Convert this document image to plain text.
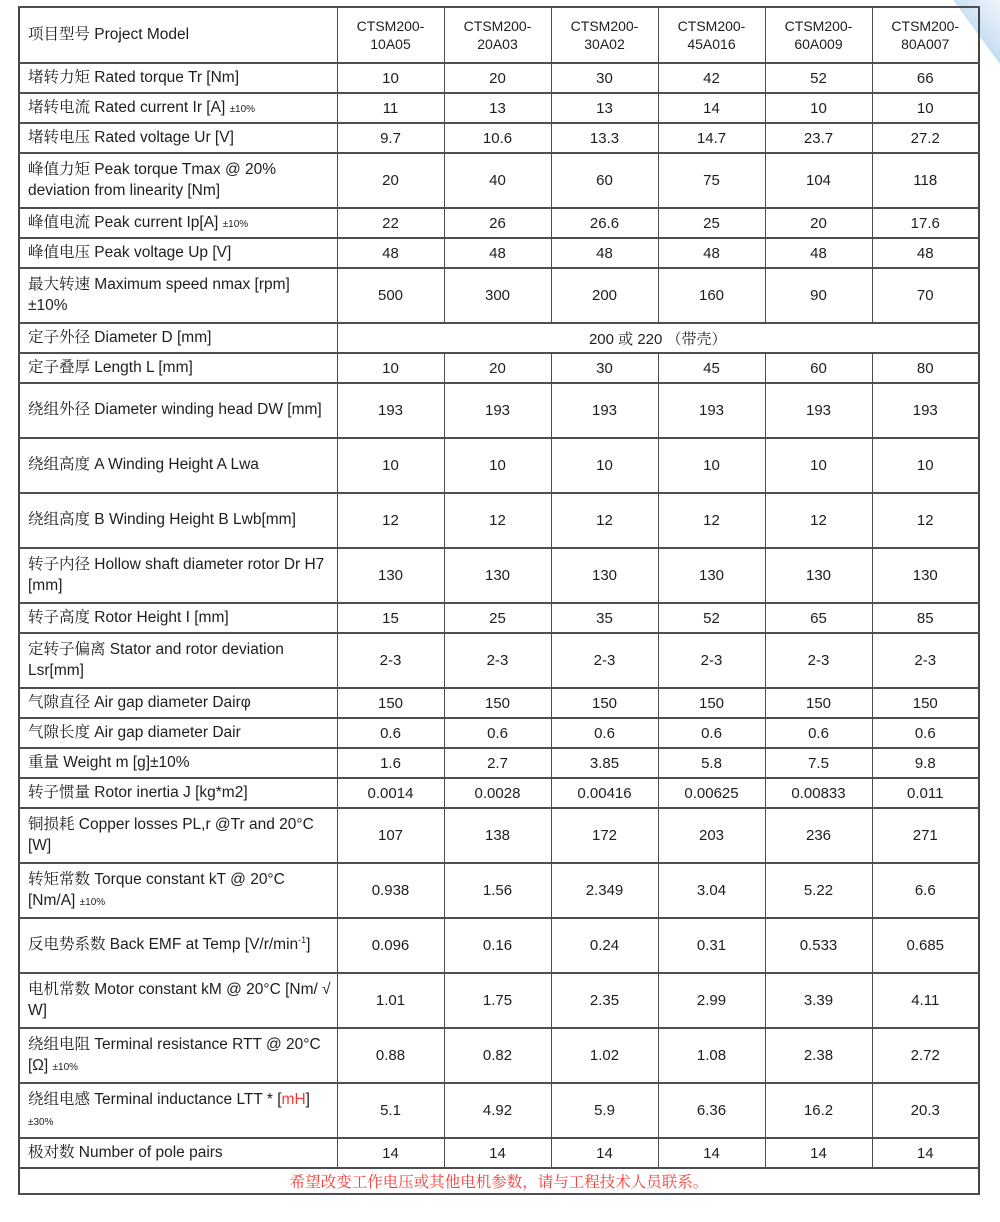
项目型号 Project Model	CTSM200-10A05	CTSM200-20A03	CTSM200-30A02	CTSM200-45A016	CTSM200-60A009	CTSM200-80A007
堵转力矩 Rated torque Tr [Nm]	10	20	30	42	52	66
堵转电流 Rated current Ir [A] ±10%	11	13	13	14	10	10
堵转电压 Rated voltage Ur [V]	9.7	10.6	13.3	14.7	23.7	27.2
峰值力矩 Peak torque Tmax @ 20% deviation from linearity [Nm]	20	40	60	75	104	118
峰值电流 Peak current Ip[A] ±10%	22	26	26.6	25	20	17.6
峰值电压 Peak voltage Up [V]	48	48	48	48	48	48
最大转速 Maximum speed nmax [rpm] ±10%	500	300	200	160	90	70
定子外径 Diameter D [mm]	200 或 220 （带壳）					
定子叠厚 Length L [mm]	10	20	30	45	60	80
绕组外径 Diameter winding head DW [mm]	193	193	193	193	193	193
绕组高度 A Winding Height A Lwa	10	10	10	10	10	10
绕组高度 B Winding Height B Lwb[mm]	12	12	12	12	12	12
转子内径 Hollow shaft diameter rotor Dr H7 [mm]	130	130	130	130	130	130
转子高度 Rotor Height I [mm]	15	25	35	52	65	85
定转子偏离 Stator and rotor deviation Lsr[mm]	2-3	2-3	2-3	2-3	2-3	2-3
气隙直径 Air gap diameter Dairφ	150	150	150	150	150	150
气隙长度 Air gap diameter Dair	0.6	0.6	0.6	0.6	0.6	0.6
重量 Weight m [g]±10%	1.6	2.7	3.85	5.8	7.5	9.8
转子惯量 Rotor inertia J [kg*m2]	0.0014	0.0028	0.00416	0.00625	0.00833	0.011
铜损耗 Copper losses PL,r @Tr and 20°C [W]	107	138	172	203	236	271
转矩常数 Torque constant kT @ 20°C [Nm/A] ±10%	0.938	1.56	2.349	3.04	5.22	6.6
反电势系数 Back EMF at Temp $[V/r/\min^{-1}]$	0.096	0.16	0.24	0.31	0.533	0.685
电机常数 Motor constant kM @ 20°C [Nm/ √ W]	1.01	1.75	2.35	2.99	3.39	4.11
绕组电阻 Terminal resistance RTT @ 20°C [Ω] ±10%	0.88	0.82	1.02	1.08	2.38	2.72
绕组电感 Terminal inductance LTT * [mH] ±30%	5.1	4.92	5.9	6.36	16.2	20.3
极对数 Number of pole pairs	14	14	14	14	14	14
希望改变工作电压或其他电机参数，请与工程技术人员联系。						
